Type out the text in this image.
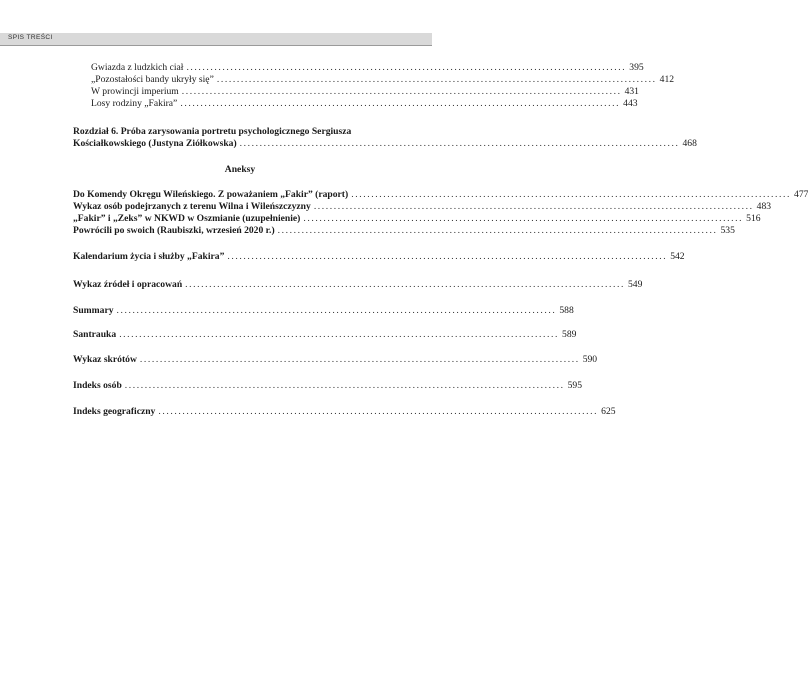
SPIS TREŚCI
Gwiazda z ludzkich ciał .............................................................................................................. 395
„Pozostałości bandy ukryły się” .............................................................................................................. 412
W prowincji imperium .............................................................................................................. 431
Losy rodziny „Fakira” .............................................................................................................. 443
Rozdział 6. Próba zarysowania portretu psychologicznego Sergiusza
Kościałkowskiego (Justyna Ziółkowska) .............................................................................................................. 468
Aneksy
Do Komendy Okręgu Wileńskiego. Z poważaniem „Fakir” (raport) .............................................................................................................. 477
Wykaz osób podejrzanych z terenu Wilna i Wileńszczyzny .............................................................................................................. 483
„Fakir” i „Zeks” w NKWD w Oszmianie (uzupełnienie) .............................................................................................................. 516
Powrócili po swoich (Raubiszki, wrzesień 2020 r.) .............................................................................................................. 535
Kalendarium życia i służby „Fakira” .............................................................................................................. 542
Wykaz źródeł i opracowań .............................................................................................................. 549
Summary .............................................................................................................. 588
Santrauka .............................................................................................................. 589
Wykaz skrótów .............................................................................................................. 590
Indeks osób .............................................................................................................. 595
Indeks geograficzny .............................................................................................................. 625
